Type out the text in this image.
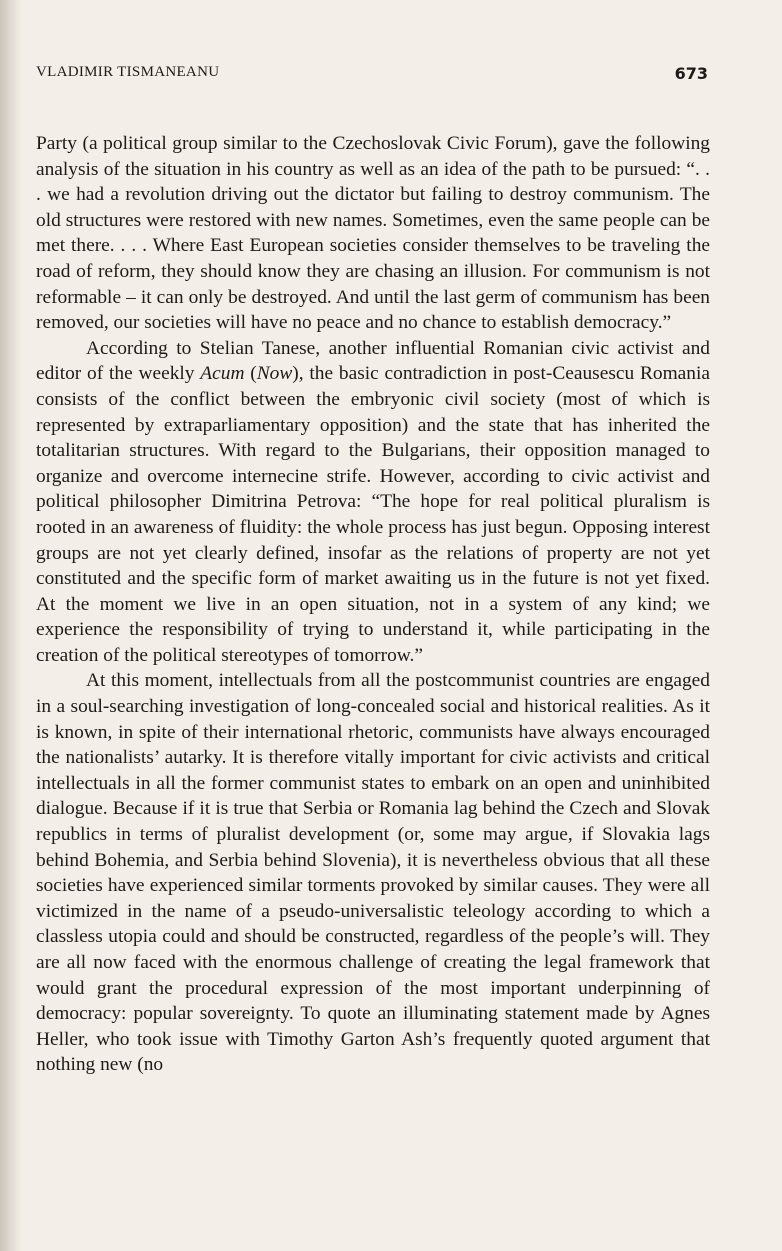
VLADIMIR TISMANEANU	673

Party (a political group similar to the Czechoslovak Civic Forum), gave the following analysis of the situation in his country as well as an idea of the path to be pursued: “. . . we had a revolution driving out the dictator but failing to destroy communism. The old structures were restored with new names. Sometimes, even the same people can be met there. . . . Where East European societies consider themselves to be traveling the road of reform, they should know they are chasing an illusion. For communism is not reformable – it can only be destroyed. And until the last germ of communism has been removed, our societies will have no peace and no chance to establish democracy.”

According to Stelian Tanese, another influential Romanian civic activist and editor of the weekly Acum (Now), the basic contradiction in post-Ceausescu Romania consists of the conflict between the embryonic civil society (most of which is represented by extraparliamentary opposition) and the state that has inherited the totalitarian structures. With regard to the Bulgarians, their opposition managed to organize and overcome internecine strife. However, according to civic activist and political philosopher Dimitrina Petrova: “The hope for real political pluralism is rooted in an awareness of fluidity: the whole process has just begun. Opposing interest groups are not yet clearly defined, insofar as the relations of property are not yet constituted and the specific form of market awaiting us in the future is not yet fixed. At the moment we live in an open situation, not in a system of any kind; we experience the responsibility of trying to understand it, while participating in the creation of the political stereotypes of tomorrow.”

At this moment, intellectuals from all the postcommunist countries are engaged in a soul-searching investigation of long-concealed social and historical realities. As it is known, in spite of their international rhetoric, communists have always encouraged the nationalists’ autarky. It is therefore vitally important for civic activists and critical intellectuals in all the former communist states to embark on an open and uninhibited dialogue. Because if it is true that Serbia or Romania lag behind the Czech and Slovak republics in terms of pluralist development (or, some may argue, if Slovakia lags behind Bohemia, and Serbia behind Slovenia), it is nevertheless obvious that all these societies have experienced similar torments provoked by similar causes. They were all victimized in the name of a pseudo-universalistic teleology according to which a classless utopia could and should be constructed, regardless of the people’s will. They are all now faced with the enormous challenge of creating the legal framework that would grant the procedural expression of the most important underpinning of democracy: popular sovereignty. To quote an illuminating statement made by Agnes Heller, who took issue with Timothy Garton Ash’s frequently quoted argument that nothing new (no
